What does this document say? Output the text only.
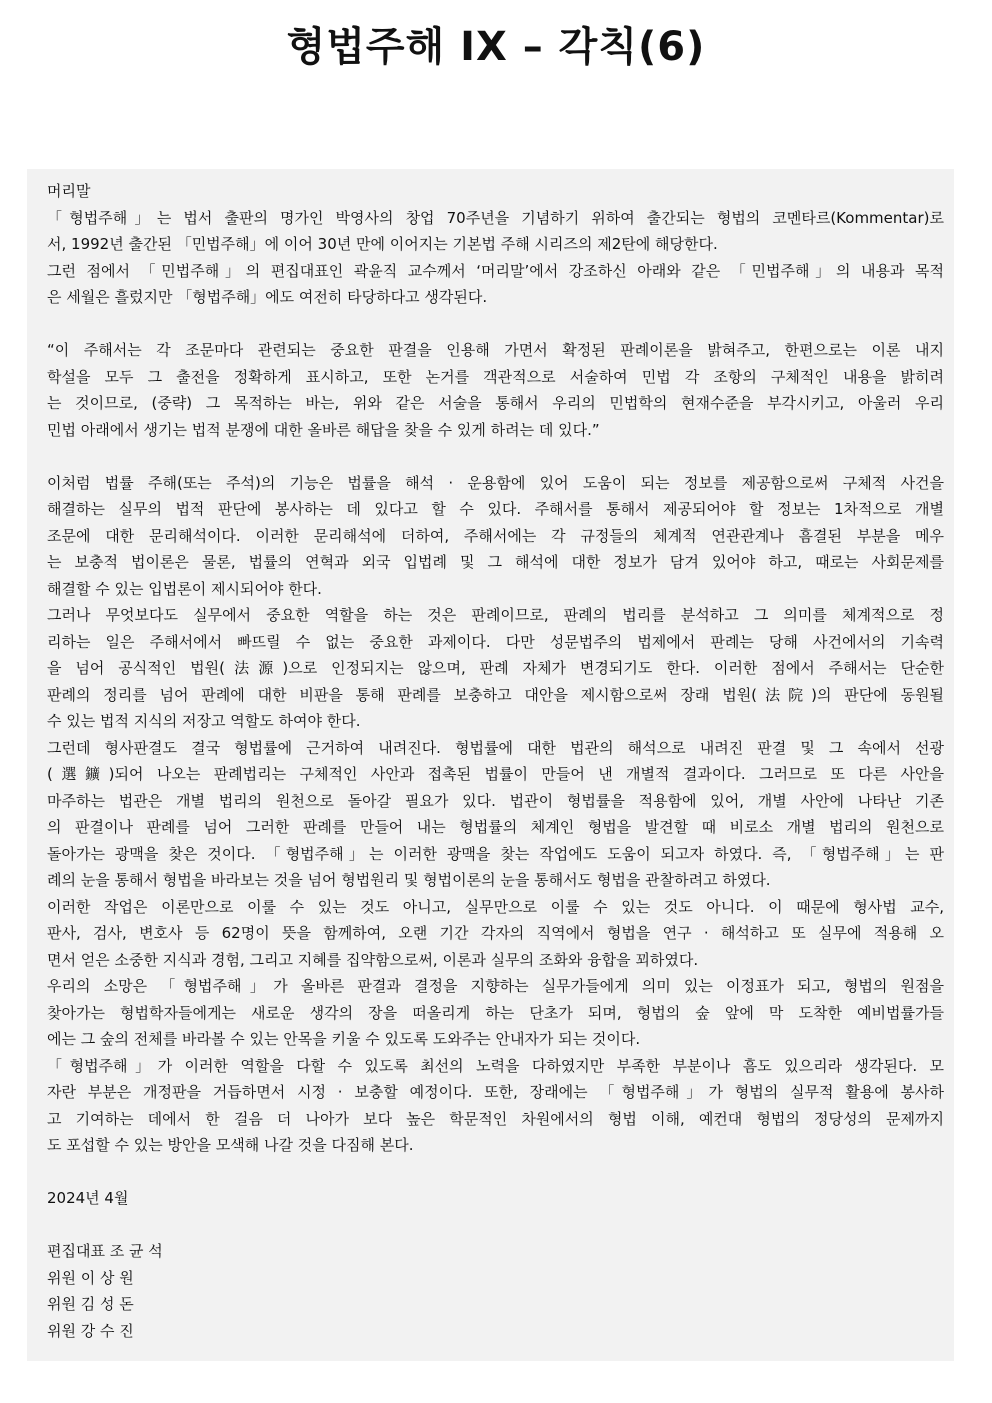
형법주해 IX – 각칙(6)
머리말
「형법주해」는 법서 출판의 명가인 박영사의 창업 70주년을 기념하기 위하여 출간되는 형법의 코멘타르(Kommentar)로
서, 1992년 출간된 「민법주해」에 이어 30년 만에 이어지는 기본법 주해 시리즈의 제2탄에 해당한다.
그런 점에서 「민법주해」의 편집대표인 곽윤직 교수께서 ‘머리말’에서 강조하신 아래와 같은 「민법주해」의 내용과 목적
은 세월은 흘렀지만 「형법주해」에도 여전히 타당하다고 생각된다.
“이 주해서는 각 조문마다 관련되는 중요한 판결을 인용해 가면서 확정된 판례이론을 밝혀주고, 한편으로는 이론 내지
학설을 모두 그 출전을 정확하게 표시하고, 또한 논거를 객관적으로 서술하여 민법 각 조항의 구체적인 내용을 밝히려
는 것이므로, (중략) 그 목적하는 바는, 위와 같은 서술을 통해서 우리의 민법학의 현재수준을 부각시키고, 아울러 우리
민법 아래에서 생기는 법적 분쟁에 대한 올바른 해답을 찾을 수 있게 하려는 데 있다.”
이처럼 법률 주해(또는 주석)의 기능은 법률을 해석 · 운용함에 있어 도움이 되는 정보를 제공함으로써 구체적 사건을
해결하는 실무의 법적 판단에 봉사하는 데 있다고 할 수 있다. 주해서를 통해서 제공되어야 할 정보는 1차적으로 개별
조문에 대한 문리해석이다. 이러한 문리해석에 더하여, 주해서에는 각 규정들의 체계적 연관관계나 흠결된 부분을 메우
는 보충적 법이론은 물론, 법률의 연혁과 외국 입법례 및 그 해석에 대한 정보가 담겨 있어야 하고, 때로는 사회문제를
해결할 수 있는 입법론이 제시되어야 한다.
그러나 무엇보다도 실무에서 중요한 역할을 하는 것은 판례이므로, 판례의 법리를 분석하고 그 의미를 체계적으로 정
리하는 일은 주해서에서 빠뜨릴 수 없는 중요한 과제이다. 다만 성문법주의 법제에서 판례는 당해 사건에서의 기속력
을 넘어 공식적인 법원(法源)으로 인정되지는 않으며, 판례 자체가 변경되기도 한다. 이러한 점에서 주해서는 단순한
판례의 정리를 넘어 판례에 대한 비판을 통해 판례를 보충하고 대안을 제시함으로써 장래 법원(法院)의 판단에 동원될
수 있는 법적 지식의 저장고 역할도 하여야 한다.
그런데 형사판결도 결국 형법률에 근거하여 내려진다. 형법률에 대한 법관의 해석으로 내려진 판결 및 그 속에서 선광
(選鑛)되어 나오는 판례법리는 구체적인 사안과 접촉된 법률이 만들어 낸 개별적 결과이다. 그러므로 또 다른 사안을
마주하는 법관은 개별 법리의 원천으로 돌아갈 필요가 있다. 법관이 형법률을 적용함에 있어, 개별 사안에 나타난 기존
의 판결이나 판례를 넘어 그러한 판례를 만들어 내는 형법률의 체계인 형법을 발견할 때 비로소 개별 법리의 원천으로
돌아가는 광맥을 찾은 것이다. 「형법주해」는 이러한 광맥을 찾는 작업에도 도움이 되고자 하였다. 즉, 「형법주해」는 판
례의 눈을 통해서 형법을 바라보는 것을 넘어 형법원리 및 형법이론의 눈을 통해서도 형법을 관찰하려고 하였다.
이러한 작업은 이론만으로 이룰 수 있는 것도 아니고, 실무만으로 이룰 수 있는 것도 아니다. 이 때문에 형사법 교수,
판사, 검사, 변호사 등 62명이 뜻을 함께하여, 오랜 기간 각자의 직역에서 형법을 연구 · 해석하고 또 실무에 적용해 오
면서 얻은 소중한 지식과 경험, 그리고 지혜를 집약함으로써, 이론과 실무의 조화와 융합을 꾀하였다.
우리의 소망은 「형법주해」가 올바른 판결과 결정을 지향하는 실무가들에게 의미 있는 이정표가 되고, 형법의 원점을
찾아가는 형법학자들에게는 새로운 생각의 장을 떠올리게 하는 단초가 되며, 형법의 숲 앞에 막 도착한 예비법률가들
에는 그 숲의 전체를 바라볼 수 있는 안목을 키울 수 있도록 도와주는 안내자가 되는 것이다.
「형법주해」가 이러한 역할을 다할 수 있도록 최선의 노력을 다하였지만 부족한 부분이나 흠도 있으리라 생각된다. 모
자란 부분은 개정판을 거듭하면서 시정 · 보충할 예정이다. 또한, 장래에는 「형법주해」가 형법의 실무적 활용에 봉사하
고 기여하는 데에서 한 걸음 더 나아가 보다 높은 학문적인 차원에서의 형법 이해, 예컨대 형법의 정당성의 문제까지
도 포섭할 수 있는 방안을 모색해 나갈 것을 다짐해 본다.
2024년 4월
편집대표 조 균 석
위원 이 상 원
위원 김 성 돈
위원 강 수 진
